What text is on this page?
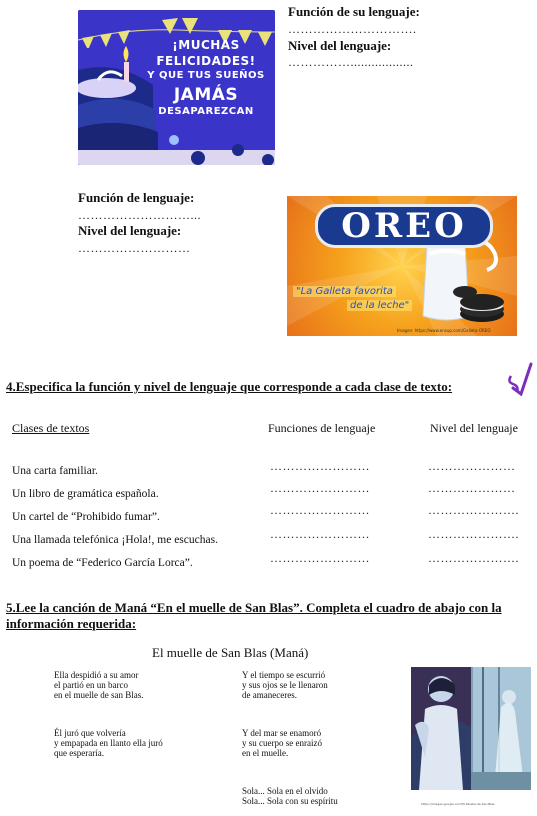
¡MUCHAS
FELICIDADES!
Y QUE TUS SUEÑOS
JAMÁS
DESAPAREZCAN
Función de su lenguaje:
………………………….
Nivel del lenguaje:
……………..................
Función de lenguaje:
………………………...
Nivel del lenguaje:
………………………
OREO
"La Galleta favorita
de la leche"
Imagen: https://www.ensup.com/Galleta-OREO
4.Especifica la función y nivel de lenguaje que corresponde a cada clase de texto:
Clases de textos	Funciones de lenguaje	Nivel del lenguaje
Una carta familiar.	……………………	…………………
Un libro de gramática española.	……………………	…………………
Un cartel de “Prohibido fumar”.	……………………	………………….
Una llamada telefónica ¡Hola!, me escuchas.	……………………	………………….
Un poema de “Federico García Lorca”.	……………………	………………….
5.Lee la canción de Maná “En el muelle de San Blas”. Completa el cuadro de abajo con la información requerida:
El muelle de San Blas (Maná)
Ella despidió a su amor
el partió en un barco
en el muelle de san Blas.
Y el tiempo se escurrió
y sus ojos se le llenaron
de amaneceres.
Él juró que volvería
y empapada en llanto ella juró
que esperaría.
Y del mar se enamoró
y su cuerpo se enraizó
en el muelle.
Sola... Sola en el olvido
Sola... Sola con su espíritu	https://images.google.com/El-Muelle-de-San-Blas
